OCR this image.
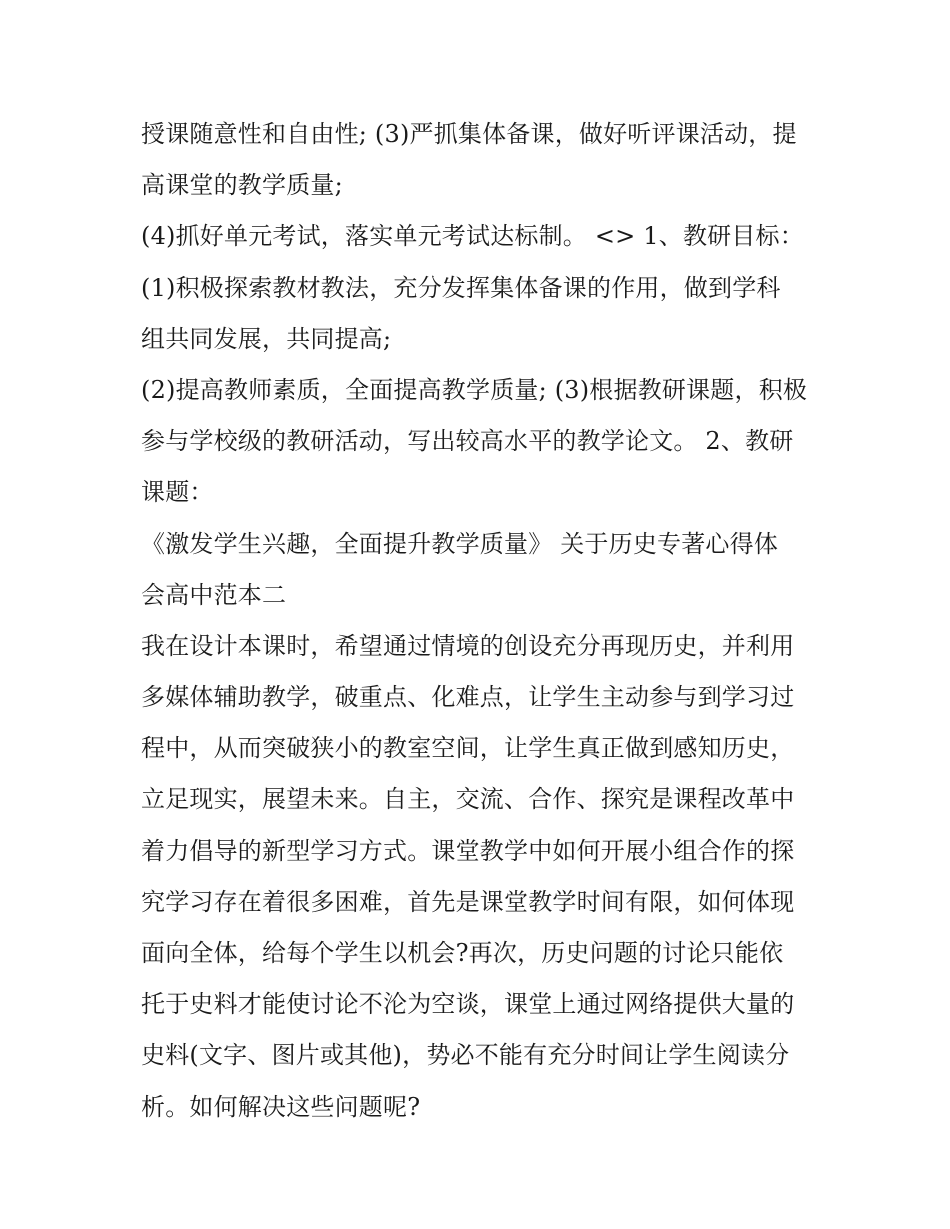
授课随意性和自由性; (3)严抓集体备课，做好听评课活动，提
高课堂的教学质量;
(4)抓好单元考试，落实单元考试达标制。 <> 1、教研目标：
(1)积极探索教材教法，充分发挥集体备课的作用，做到学科
组共同发展，共同提高;
(2)提高教师素质，全面提高教学质量; (3)根据教研课题，积极
参与学校级的教研活动，写出较高水平的教学论文。 2、教研
课题：
《激发学生兴趣，全面提升教学质量》 关于历史专著心得体
会高中范本二
我在设计本课时，希望通过情境的创设充分再现历史，并利用
多媒体辅助教学，破重点、化难点，让学生主动参与到学习过
程中，从而突破狭小的教室空间，让学生真正做到感知历史，
立足现实，展望未来。自主，交流、合作、探究是课程改革中
着力倡导的新型学习方式。课堂教学中如何开展小组合作的探
究学习存在着很多困难，首先是课堂教学时间有限，如何体现
面向全体，给每个学生以机会?再次，历史问题的讨论只能依
托于史料才能使讨论不沦为空谈，课堂上通过网络提供大量的
史料(文字、图片或其他)，势必不能有充分时间让学生阅读分
析。如何解决这些问题呢?
